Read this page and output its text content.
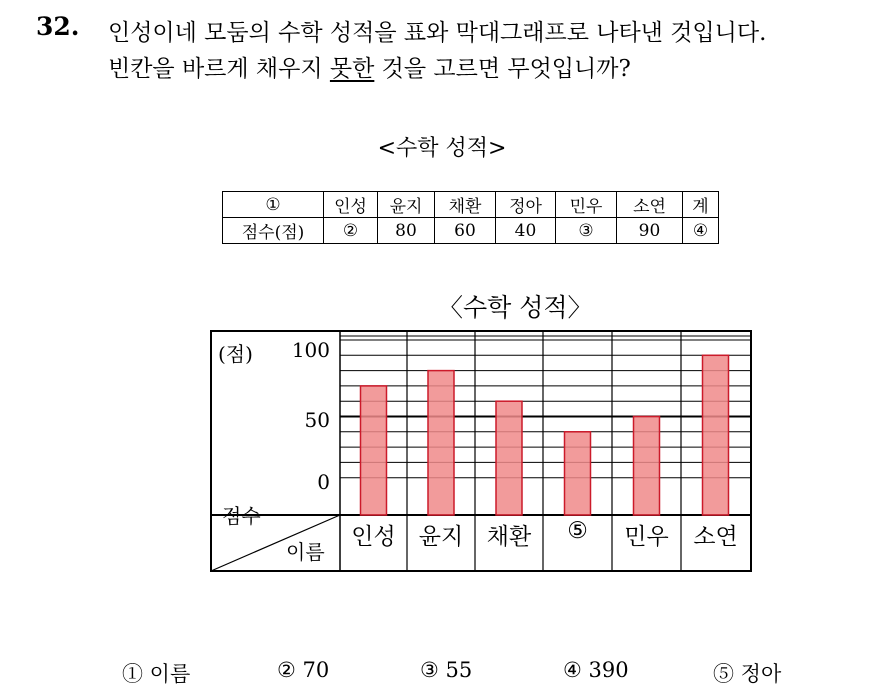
32. 인성이네 모둠의 수학 성적을 표와 막대그래프로 나타낸 것입니다.
빈칸을 바르게 채우지 못한 것을 고르면 무엇입니까?
<수학 성적>
①	인성	윤지	채환	정아	민우	소연	계
점수(점)	②	80	60	40	③	90	④
〈수학 성적〉
(점) 100
50
0
점수
이름
인성	윤지	채환	⑤	민우	소연
① 이름	② 70	③ 55	④ 390	⑤ 정아
